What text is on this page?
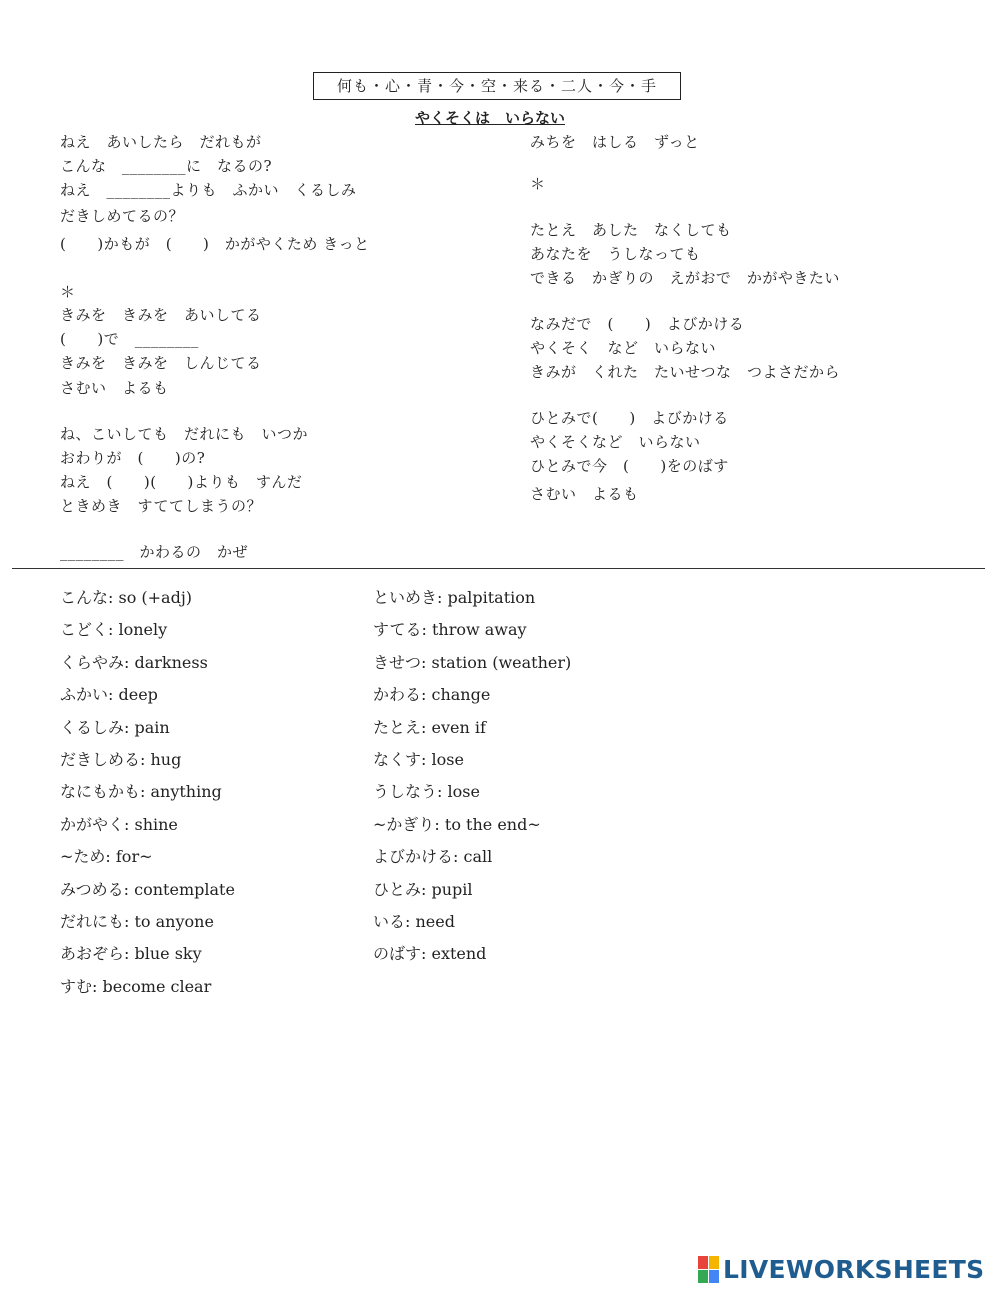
何も・心・青・今・空・来る・二人・今・手
やくそくは　いらない
ねえ　あいしたら　だれもが
こんな　________に　なるの?
ねえ　________よりも　ふかい　くるしみ
だきしめてるの？
(　　)かもが　(　　)　かがやくため きっと
＊
きみを　きみを　あいしてる
(　　)で　________
きみを　きみを　しんじてる
さむい　よるも
ね、こいしても　だれにも　いつか
おわりが　(　　)の?
ねえ　(　　)(　　)よりも　すんだ
ときめき　すててしまうの？
________　かわるの　かぜ
みちを　はしる　ずっと
＊
たとえ　あした　なくしても
あなたを　うしなっても
できる　かぎりの　えがおで　かがやきたい
なみだで　(　　)　よびかける
やくそく　など　いらない
きみが　くれた　たいせつな　つよさだから
ひとみで(　　)　よびかける
やくそくなど　いらない
ひとみで今　(　　)をのばす
さむい　よるも
こんな: so (+adj)
こどく: lonely
くらやみ: darkness
ふかい: deep
くるしみ: pain
だきしめる: hug
なにもかも: anything
かがやく: shine
~ため: for~
みつめる: contemplate
だれにも: to anyone
あおぞら: blue sky
すむ: become clear
といめき: palpitation
すてる: throw away
きせつ: station (weather)
かわる: change
たとえ: even if
なくす: lose
うしなう: lose
~かぎり: to the end~
よびかける: call
ひとみ: pupil
いる: need
のばす: extend
LIVEWORKSHEETS
